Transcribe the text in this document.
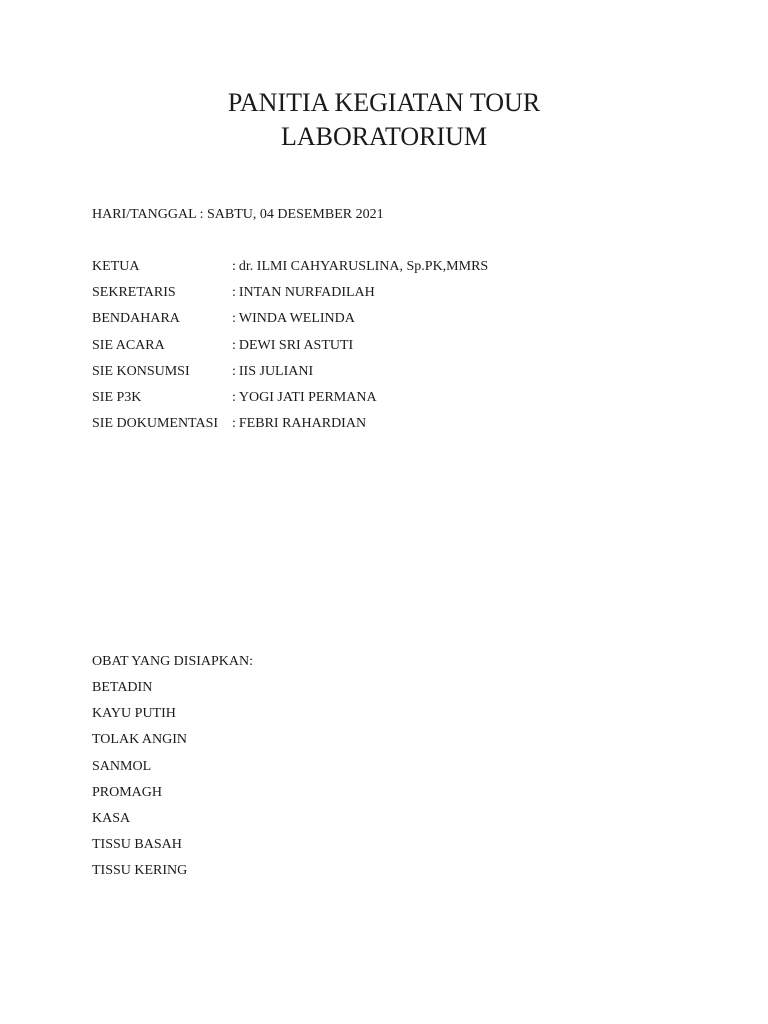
PANITIA KEGIATAN TOUR
LABORATORIUM
HARI/TANGGAL : SABTU, 04 DESEMBER 2021
KETUA	: dr. ILMI CAHYARUSLINA, Sp.PK,MMRS
SEKRETARIS	: INTAN NURFADILAH
BENDAHARA	: WINDA WELINDA
SIE ACARA	: DEWI SRI ASTUTI
SIE KONSUMSI	: IIS JULIANI
SIE P3K	: YOGI JATI PERMANA
SIE DOKUMENTASI : FEBRI RAHARDIAN
OBAT YANG DISIAPKAN:
BETADIN
KAYU PUTIH
TOLAK ANGIN
SANMOL
PROMAGH
KASA
TISSU BASAH
TISSU KERING
